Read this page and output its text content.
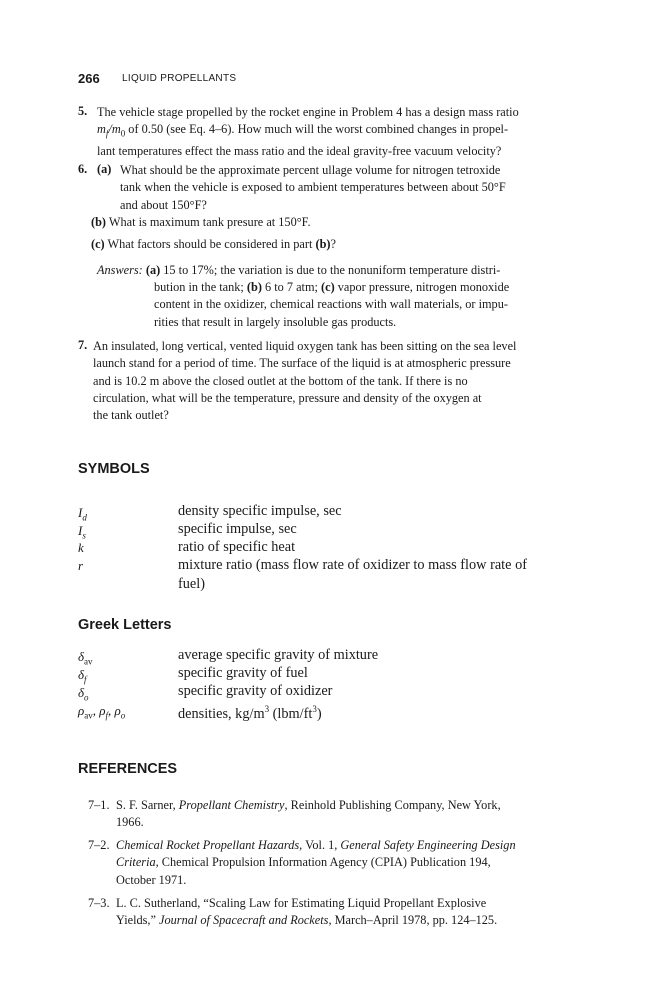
266 LIQUID PROPELLANTS
5. The vehicle stage propelled by the rocket engine in Problem 4 has a design mass ratio
$m_f/m_0$ of 0.50 (see Eq. 4–6). How much will the worst combined changes in propel-
lant temperatures effect the mass ratio and the ideal gravity-free vacuum velocity?
6. (a) What should be the approximate percent ullage volume for nitrogen tetroxide
tank when the vehicle is exposed to ambient temperatures between about 50°F
and about 150°F?
(b) What is maximum tank presure at 150°F.
(c) What factors should be considered in part (b)?
Answers: (a) 15 to 17%; the variation is due to the nonuniform temperature distri-
bution in the tank; (b) 6 to 7 atm; (c) vapor pressure, nitrogen monoxide
content in the oxidizer, chemical reactions with wall materials, or impu-
rities that result in largely insoluble gas products.
7. An insulated, long vertical, vented liquid oxygen tank has been sitting on the sea level
launch stand for a period of time. The surface of the liquid is at atmospheric pressure
and is 10.2 m above the closed outlet at the bottom of the tank. If there is no
circulation, what will be the temperature, pressure and density of the oxygen at
the tank outlet?
SYMBOLS
$I_d$	density specific impulse, sec
$I_s$	specific impulse, sec
k	ratio of specific heat
r	mixture ratio (mass flow rate of oxidizer to mass flow rate of
fuel)
Greek Letters
$\delta_{av}$	average specific gravity of mixture
$\delta_f$	specific gravity of fuel
$\delta_o$	specific gravity of oxidizer
$\rho_{av}$, $\rho_f$, $\rho_o$	densities, $kg/m^3$ $(lbm/ft^3)$
REFERENCES
7–1. S. F. Sarner, Propellant Chemistry, Reinhold Publishing Company, New York,
1966.
7–2. Chemical Rocket Propellant Hazards, Vol. 1, General Safety Engineering Design
Criteria, Chemical Propulsion Information Agency (CPIA) Publication 194,
October 1971.
7–3. L. C. Sutherland, “Scaling Law for Estimating Liquid Propellant Explosive
Yields,” Journal of Spacecraft and Rockets, March–April 1978, pp. 124–125.
